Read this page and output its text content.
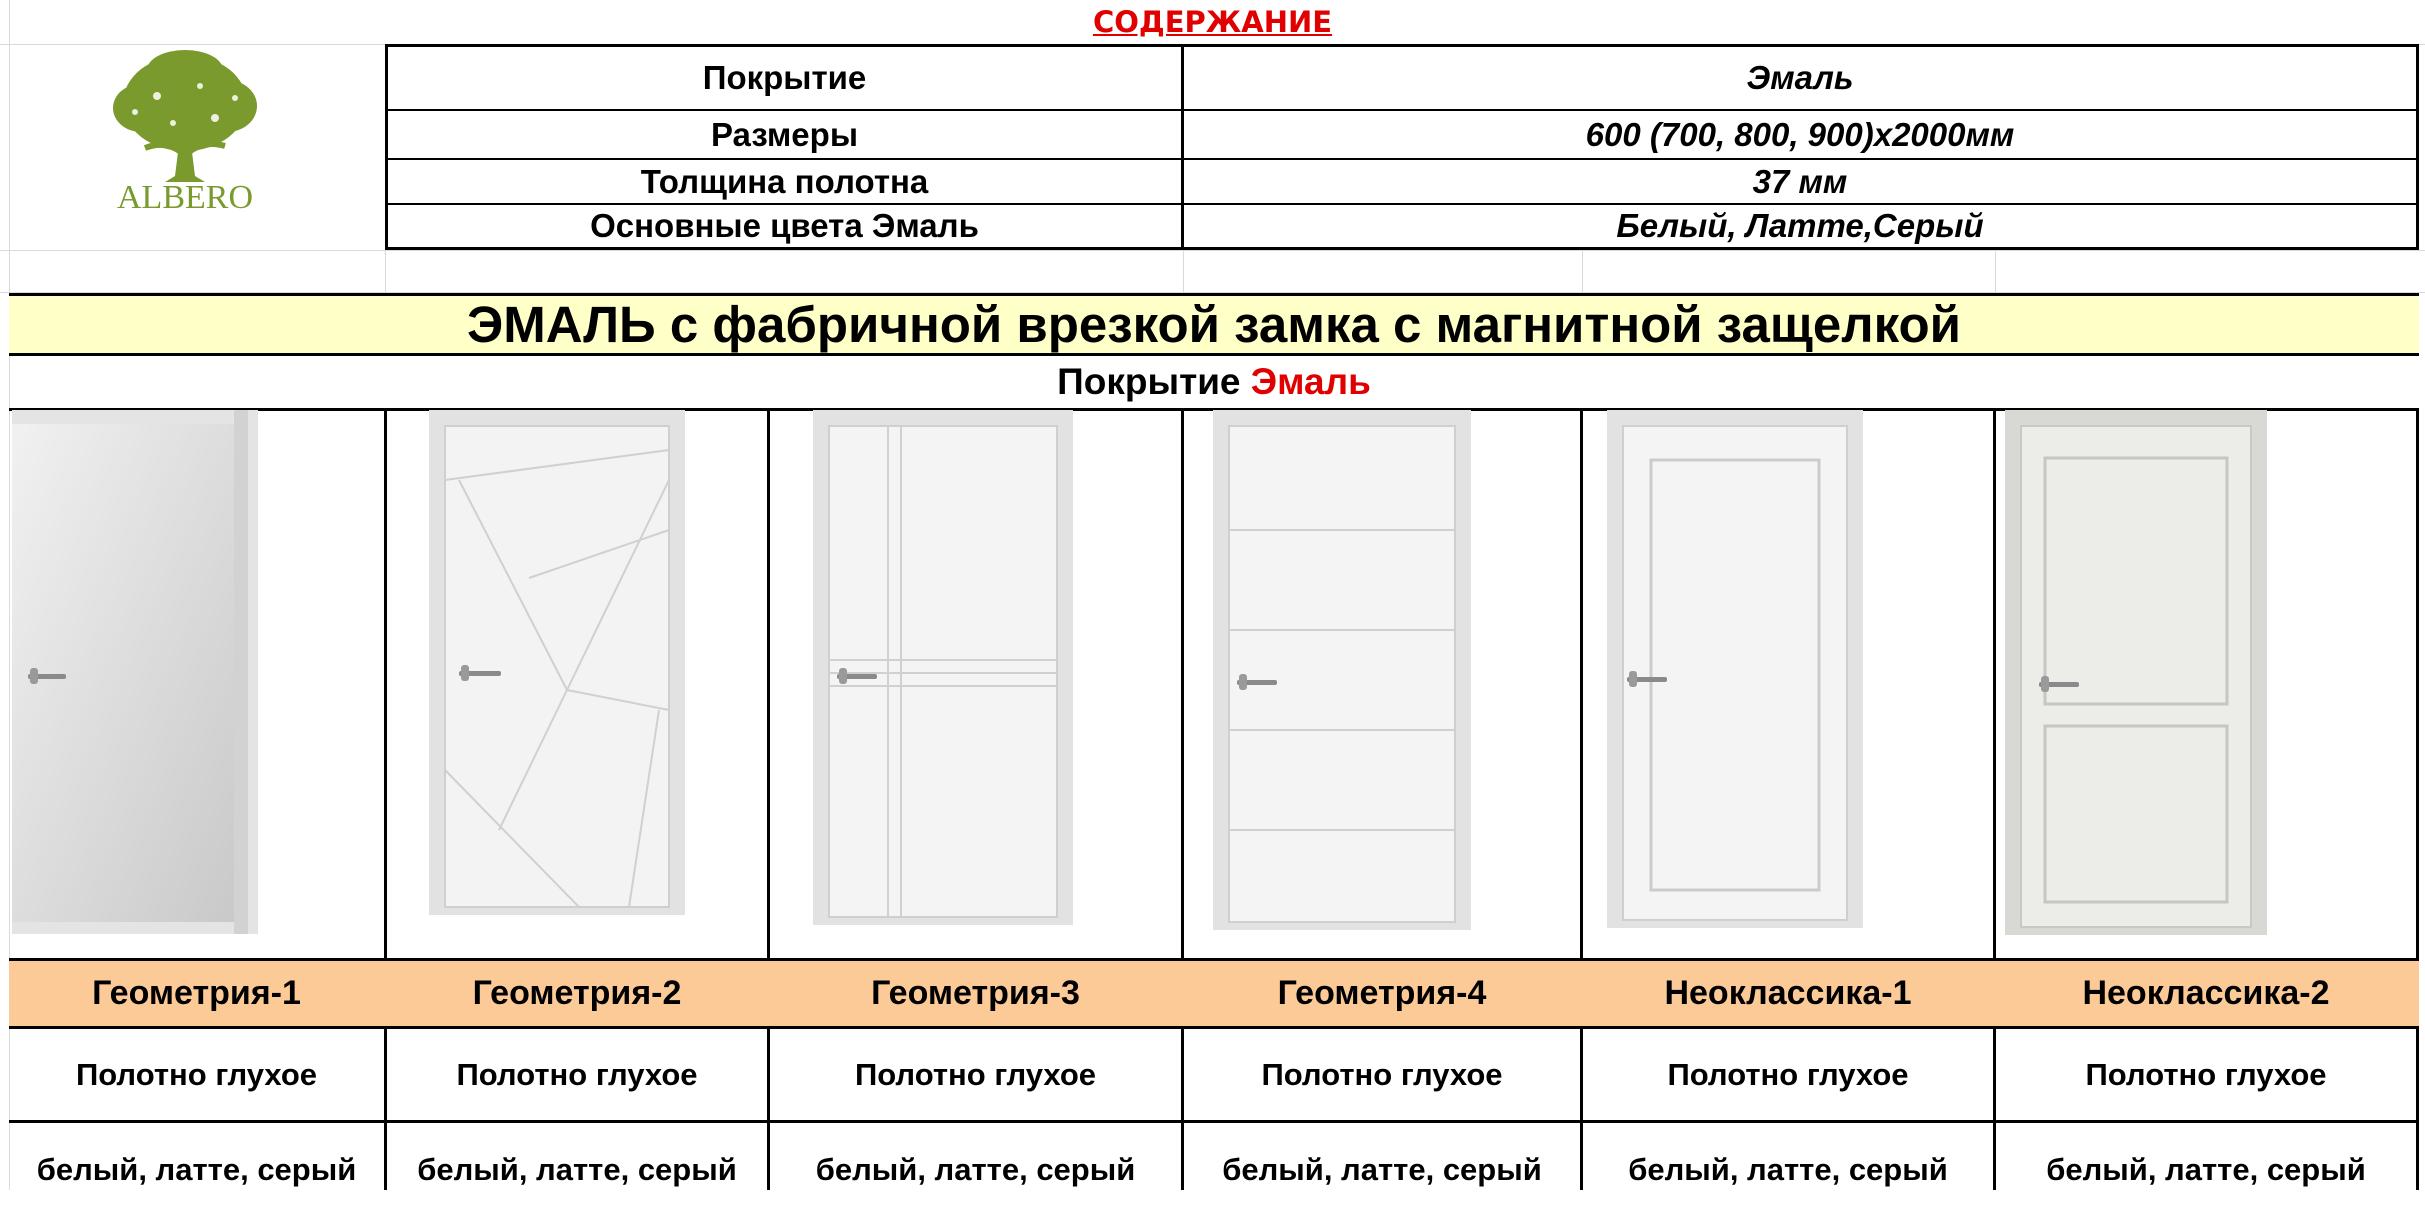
СОДЕРЖАНИЕ
ALBERO
Покрытие	Эмаль
Размеры	600 (700, 800, 900)х2000мм
Толщина полотна	37 мм
Основные цвета Эмаль	Белый, Латте,Серый
ЭМАЛЬ с фабричной врезкой замка с магнитной защелкой
Покрытие Эмаль
Геометрия-1	Геометрия-2	Геометрия-3	Геометрия-4	Неоклассика-1	Неоклассика-2
Полотно глухое	Полотно глухое	Полотно глухое	Полотно глухое	Полотно глухое	Полотно глухое
белый, латте, серый	белый, латте, серый	белый, латте, серый	белый, латте, серый	белый, латте, серый	белый, латте, серый
